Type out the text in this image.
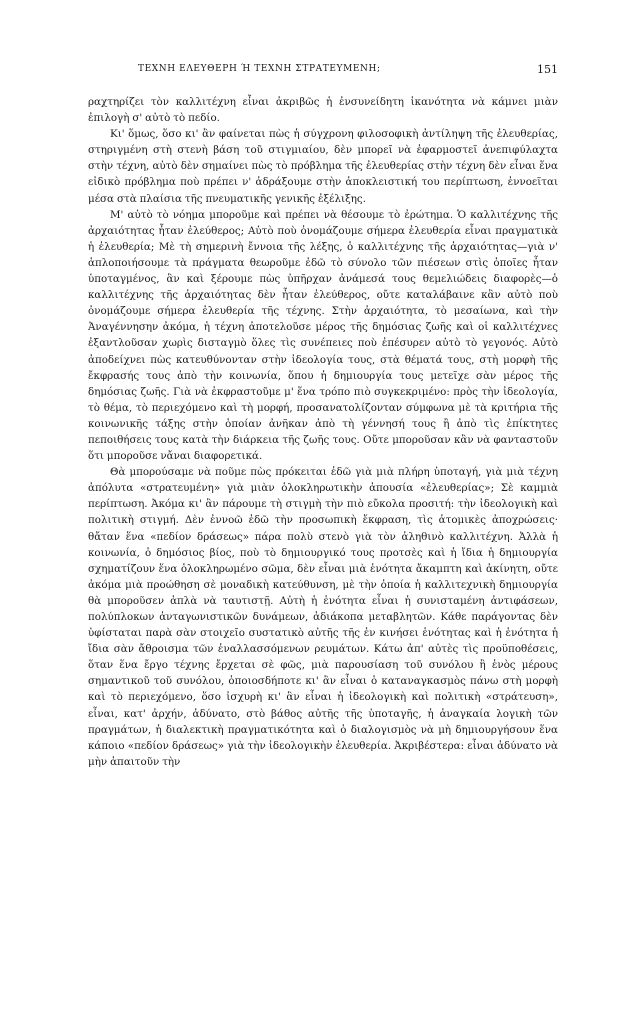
ΤΕΧΝΗ ΕΛΕΥΘΕΡΗ Ή ΤΕΧΝΗ ΣΤΡΑΤΕΥΜΕΝΗ;	151

ραχτηρίζει τὸν καλλιτέχνη εἶναι ἀκριβῶς ἡ ἐνσυνείδητη ἱκανότητα νὰ κάμνει μιὰν ἐπιλογὴ σ' αὐτὸ τὸ πεδίο.

Κι' ὅμως, ὅσο κι' ἂν φαίνεται πὼς ἡ σύγχρονη φιλοσοφικὴ ἀντίληψη τῆς ἐλευθερίας, στηριγμένη στὴ στενὴ βάση τοῦ στιγμιαίου, δὲν μπορεῖ νὰ ἐφαρμοστεῖ ἀνεπιφύλαχτα στὴν τέχνη, αὐτὸ δὲν σημαίνει πὼς τὸ πρόβλημα τῆς ἐλευθερίας στὴν τέχνη δὲν εἶναι ἕνα εἰδικὸ πρόβλημα ποὺ πρέπει ν' ἀδράξουμε στὴν ἀποκλειστική του περίπτωση, ἐννοεῖται μέσα στὰ πλαίσια τῆς πνευματικῆς γενικῆς ἐξέλιξης.

Μ' αὐτὸ τὸ νόημα μποροῦμε καὶ πρέπει νὰ θέσουμε τὸ ἐρώτημα. Ὁ καλλιτέχνης τῆς ἀρχαιότητας ἦταν ἐλεύθερος; Αὐτὸ ποὺ ὀνομάζουμε σήμερα ἐλευθερία εἶναι πραγματικὰ ἡ ἐλευθερία; Μὲ τὴ σημερινὴ ἔννοια τῆς λέξης, ὁ καλλιτέχνης τῆς ἀρχαιότητας—γιὰ ν' ἁπλοποιήσουμε τὰ πράγματα θεωροῦμε ἐδῶ τὸ σύνολο τῶν πιέσεων στὶς ὁποῖες ἦταν ὑποταγμένος, ἂν καὶ ξέρουμε πὼς ὑπῆρχαν ἀνάμεσά τους θεμελιώδεις διαφορὲς—ὁ καλλιτέχνης τῆς ἀρχαιότητας δὲν ἦταν ἐλεύθερος, οὔτε καταλάβαινε κἂν αὐτὸ ποὺ ὀνομάζουμε σήμερα ἐλευθερία τῆς τέχνης. Στὴν ἀρχαιότητα, τὸ μεσαίωνα, καὶ τὴν Ἀναγέννησην ἀκόμα, ἡ τέχνη ἀποτελοῦσε μέρος τῆς δημόσιας ζωῆς καὶ οἱ καλλιτέχνες ἐξαντλοῦσαν χωρὶς δισταγμὸ ὅλες τὶς συνέπειες ποὺ ἐπέσυρεν αὐτὸ τὸ γεγονός. Αὐτὸ ἀποδείχνει πὼς κατευθύνονταν στὴν ἰδεολογία τους, στὰ θέματά τους, στὴ μορφὴ τῆς ἔκφρασής τους ἀπὸ τὴν κοινωνία, ὅπου ἡ δημιουργία τους μετεῖχε σὰν μέρος τῆς δημόσιας ζωῆς. Γιὰ νὰ ἐκφραστοῦμε μ' ἕνα τρόπο πιὸ συγκεκριμένο: πρὸς τὴν ἰδεολογία, τὸ θέμα, τὸ περιεχόμενο καὶ τὴ μορφή, προσανατολίζονταν σύμφωνα μὲ τὰ κριτήρια τῆς κοινωνικῆς τάξης στὴν ὁποίαν ἀνῆκαν ἀπὸ τὴ γέννησή τους ἢ ἀπὸ τὶς ἐπίκτητες πεποιθήσεις τους κατὰ τὴν διάρκεια τῆς ζωῆς τους. Οὔτε μποροῦσαν κἂν νὰ φανταστοῦν ὅτι μποροῦσε νἄναι διαφορετικά.

Θὰ μπορούσαμε νὰ ποῦμε πὼς πρόκειται ἐδῶ γιὰ μιὰ πλήρη ὑποταγή, γιὰ μιὰ τέχνη ἀπόλυτα «στρατευμένη» γιὰ μιὰν ὁλοκληρωτικὴν ἀπουσία «ἐλευθερίας»; Σὲ καμμιὰ περίπτωση. Ἀκόμα κι' ἂν πάρουμε τὴ στιγμὴ τὴν πιὸ εὔκολα προσιτή: τὴν ἰδεολογικὴ καὶ πολιτικὴ στιγμή. Δὲν ἐννοῶ ἐδῶ τὴν προσωπικὴ ἔκφραση, τὶς ἀτομικὲς ἀποχρώσεις· θἄταν ἕνα «πεδίον δράσεως» πάρα πολὺ στενὸ γιὰ τὸν ἀληθινὸ καλλιτέχνη. Ἀλλὰ ἡ κοινωνία, ὁ δημόσιος βίος, ποὺ τὸ δημιουργικό τους προτσὲς καὶ ἡ ἴδια ἡ δημιουργία σχηματίζουν ἕνα ὁλοκληρωμένο σῶμα, δὲν εἶναι μιὰ ἑνότητα ἄκαμπτη καὶ ἀκίνητη, οὔτε ἀκόμα μιὰ προώθηση σὲ μοναδικὴ κατεύθυνση, μὲ τὴν ὁποία ἡ καλλιτεχνικὴ δημιουργία θὰ μποροῦσεν ἁπλὰ νὰ ταυτιστῇ. Αὐτὴ ἡ ἑνότητα εἶναι ἡ συνισταμένη ἀντιφάσεων, πολύπλοκων ἀνταγωνιστικῶν δυνάμεων, ἀδιάκοπα μεταβλητῶν. Κάθε παράγοντας δὲν ὑφίσταται παρὰ σὰν στοιχεῖο συστατικὸ αὐτῆς τῆς ἐν κινήσει ἑνότητας καὶ ἡ ἑνότητα ἡ ἴδια σὰν ἄθροισμα τῶν ἐναλλασσόμενων ρευμάτων. Κάτω ἀπ' αὐτὲς τὶς προϋποθέσεις, ὅταν ἕνα ἔργο τέχνης ἔρχεται σὲ φῶς, μιὰ παρουσίαση τοῦ συνόλου ἢ ἑνὸς μέρους σημαντικοῦ τοῦ συνόλου, ὁποιοσδήποτε κι' ἂν εἶναι ὁ καταναγκασμὸς πάνω στὴ μορφὴ καὶ τὸ περιεχόμενο, ὅσο ἰσχυρὴ κι' ἂν εἶναι ἡ ἰδεολογικὴ καὶ πολιτικὴ «στράτευση», εἶναι, κατ' ἀρχήν, ἀδύνατο, στὸ βάθος αὐτῆς τῆς ὑποταγῆς, ἡ ἀναγκαία λογικὴ τῶν πραγμάτων, ἡ διαλεκτικὴ πραγματικότητα καὶ ὁ διαλογισμὸς νὰ μὴ δημιουργήσουν ἕνα κάποιο «πεδίον δράσεως» γιὰ τὴν ἰδεολογικὴν ἐλευθερία. Ἀκριβέστερα: εἶναι ἀδύνατο νὰ μὴν ἀπαιτοῦν τὴν
